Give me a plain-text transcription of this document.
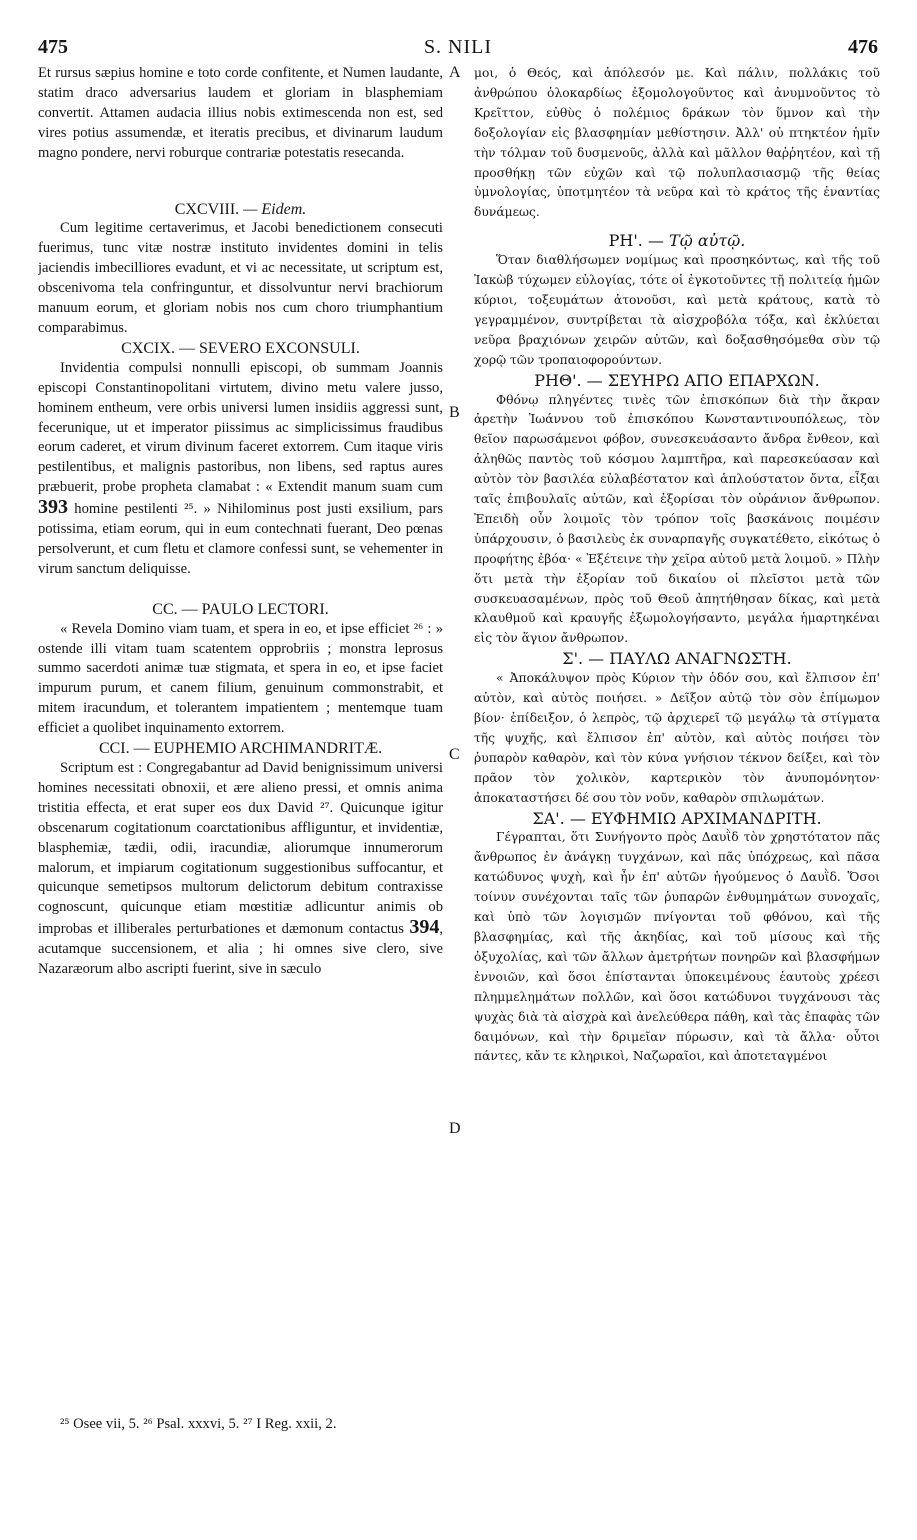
475	S. NILI	476

Et rursus sæpius homine e toto corde confitente, et Numen laudante, statim draco adversarius laudem et gloriam in blasphemiam convertit. Attamen audacia illius nobis extimescenda non est, sed vires potius assumendæ, et iteratis precibus, et divinarum laudum magno pondere, nervi roburque contrariæ potestatis resecanda.

CXCVIII. — Eidem.

Cum legitime certaverimus, et Jacobi benedictionem consecuti fuerimus, tunc vitæ nostræ instituto invidentes domini in telis jaciendis imbecilliores evadunt, et vi ac necessitate, ut scriptum est, obscenivoma tela confringuntur, et dissolvuntur nervi brachiorum manuum eorum, et gloriam nobis nos cum choro triumphantium comparabimus.

CXCIX. — SEVERO EXCONSULI.

Invidentia compulsi nonnulli episcopi, ob summam Joannis episcopi Constantinopolitani virtutem, divino metu valere jusso, hominem entheum, vere orbis universi lumen insidiis aggressi sunt, fecerunique, ut et imperator piissimus ac simplicissimus fraudibus eorum caderet, et virum divinum faceret extorrem. Cum itaque viris pestilentibus, et malignis pastoribus, non libens, sed raptus aures præbuerit, probe propheta clamabat : « Extendit manum suam cum 393 homine pestilenti ²⁵. » Nihilominus post justi exsilium, pars potissima, etiam eorum, qui in eum contechnati fuerant, Deo pœnas persolverunt, et cum fletu et clamore confessi sunt, se vehementer in virum sanctum deliquisse.

CC. — PAULO LECTORI.

« Revela Domino viam tuam, et spera in eo, et ipse efficiet ²⁶ : » ostende illi vitam tuam scatentem opprobriis ; monstra leprosus summo sacerdoti animæ tuæ stigmata, et spera in eo, et ipse faciet impurum purum, et canem filium, genuinum commonstrabit, et mitem iracundum, et tolerantem impatientem ; mentemque tuam efficiet a quolibet inquinamento extorrem.

CCI. — EUPHEMIO ARCHIMANDRITÆ.

Scriptum est : Congregabantur ad David benignissimum universi homines necessitati obnoxii, et ære alieno pressi, et omnis anima tristitia effecta, et erat super eos dux David ²⁷. Quicunque igitur obscenarum cogitationum coarctationibus affliguntur, et invidentiæ, blasphemiæ, tædii, odii, iracundiæ, aliorumque innumerorum malorum, et impiarum cogitationum suggestionibus suffocantur, et quicunque semetipsos multorum delictorum debitum contraxisse cognoscunt, quicunque etiam mœstitiæ adlicuntur animis ob improbas et illiberales perturbationes et dæmonum contactus 394, acutamque succensionem, et alia ; hi omnes sive clero, sive Nazaræorum albo ascripti fuerint, sive in sæculo

A
B
C
D

μοι, ὁ Θεός, καὶ ἀπόλεσόν με. Καὶ πάλιν, πολλάκις τοῦ ἀνθρώπου ὁλοκαρδίως ἐξομολογοῦντος καὶ ἀνυμνοῦντος τὸ Κρεῖττον, εὐθὺς ὁ πολέμιος δράκων τὸν ὕμνον καὶ τὴν δοξολογίαν εἰς βλασφημίαν μεθίστησιν. Ἀλλ' οὐ πτηκτέον ἡμῖν τὴν τόλμαν τοῦ δυσμενοῦς, ἀλλὰ καὶ μᾶλλον θαῤῥητέον, καὶ τῇ προσθήκῃ τῶν εὐχῶν καὶ τῷ πολυπλασιασμῷ τῆς θείας ὑμνολογίας, ὑποτμητέον τὰ νεῦρα καὶ τὸ κράτος τῆς ἐναντίας δυνάμεως.

ΡΗ'. — Τῷ αὐτῷ.

Ὅταν διαθλήσωμεν νομίμως καὶ προσηκόντως, καὶ τῆς τοῦ Ἰακὼβ τύχωμεν εὐλογίας, τότε οἱ ἐγκοτοῦντες τῇ πολιτείᾳ ἡμῶν κύριοι, τοξευμάτων ἀτονοῦσι, καὶ μετὰ κράτους, κατὰ τὸ γεγραμμένον, συντρίβεται τὰ αἰσχροβόλα τόξα, καὶ ἐκλύεται νεῦρα βραχιόνων χειρῶν αὐτῶν, καὶ δοξασθησόμεθα σὺν τῷ χορῷ τῶν τροπαιοφορούντων.

ΡΗΘ'. — ΣΕΥΗΡΩ ΑΠΟ ΕΠΑΡΧΩΝ.

Φθόνῳ πληγέντες τινὲς τῶν ἐπισκόπων διὰ τὴν ἄκραν ἀρετὴν Ἰωάννου τοῦ ἐπισκόπου Κωνσταντινουπόλεως, τὸν θεῖον παρωσάμενοι φόβον, συνεσκευάσαντο ἄνδρα ἔνθεον, καὶ ἀληθῶς παντὸς τοῦ κόσμου λαμπτῆρα, καὶ παρεσκεύασαν καὶ αὐτὸν τὸν βασιλέα εὐλαβέστατον καὶ ἁπλούστατον ὄντα, εἶξαι ταῖς ἐπιβουλαῖς αὐτῶν, καὶ ἐξορίσαι τὸν οὐράνιον ἄνθρωπον. Ἐπειδὴ οὖν λοιμοῖς τὸν τρόπον τοῖς βασκάνοις ποιμέσιν ὑπάρχουσιν, ὁ βασιλεὺς ἐκ συναρπαγῆς συγκατέθετο, εἰκότως ὁ προφήτης ἐβόα· « Ἐξέτεινε τὴν χεῖρα αὐτοῦ μετὰ λοιμοῦ. » Πλὴν ὅτι μετὰ τὴν ἐξορίαν τοῦ δικαίου οἱ πλεῖστοι μετὰ τῶν συσκευασαμένων, πρὸς τοῦ Θεοῦ ἀπητήθησαν δίκας, καὶ μετὰ κλαυθμοῦ καὶ κραυγῆς ἐξωμολογήσαντο, μεγάλα ἡμαρτηκέναι εἰς τὸν ἅγιον ἄνθρωπον.

Σ'. — ΠΑΥΛΩ ΑΝΑΓΝΩΣΤΗ.

« Ἀποκάλυψον πρὸς Κύριον τὴν ὁδόν σου, καὶ ἔλπισον ἐπ' αὐτὸν, καὶ αὐτὸς ποιήσει. » Δεῖξον αὐτῷ τὸν σὸν ἐπίμωμον βίον· ἐπίδειξον, ὁ λεπρὸς, τῷ ἀρχιερεῖ τῷ μεγάλῳ τὰ στίγματα τῆς ψυχῆς, καὶ ἔλπισον ἐπ' αὐτὸν, καὶ αὐτὸς ποιήσει τὸν ῥυπαρὸν καθαρὸν, καὶ τὸν κύνα γνήσιον τέκνον δείξει, καὶ τὸν πρᾶον τὸν χολικὸν, καρτερικὸν τὸν ἀνυπομόνητον· ἀποκαταστήσει δέ σου τὸν νοῦν, καθαρὸν σπιλωμάτων.

ΣΑ'. — ΕΥΦΗΜΙΩ ΑΡΧΙΜΑΝΔΡΙΤΗ.

Γέγραπται, ὅτι Συνήγοντο πρὸς Δαυῒδ τὸν χρηστότατον πᾶς ἄνθρωπος ἐν ἀνάγκῃ τυγχάνων, καὶ πᾶς ὑπόχρεως, καὶ πᾶσα κατώδυνος ψυχὴ, καὶ ἦν ἐπ' αὐτῶν ἡγούμενος ὁ Δαυῒδ. Ὅσοι τοίνυν συνέχονται ταῖς τῶν ῥυπαρῶν ἐνθυμημάτων συνοχαῖς, καὶ ὑπὸ τῶν λογισμῶν πνίγονται τοῦ φθόνου, καὶ τῆς βλασφημίας, καὶ τῆς ἀκηδίας, καὶ τοῦ μίσους καὶ τῆς ὀξυχολίας, καὶ τῶν ἄλλων ἀμετρήτων πονηρῶν καὶ βλασφήμων ἐννοιῶν, καὶ ὅσοι ἐπίστανται ὑποκειμένους ἑαυτοὺς χρέεσι πλημμελημάτων πολλῶν, καὶ ὅσοι κατώδυνοι τυγχάνουσι τὰς ψυχὰς διὰ τὰ αἰσχρὰ καὶ ἀνελεύθερα πάθη, καὶ τὰς ἐπαφὰς τῶν δαιμόνων, καὶ τὴν δριμεῖαν πύρωσιν, καὶ τὰ ἄλλα· οὗτοι πάντες, κἄν τε κληρικοὶ, Ναζωραῖοι, καὶ ἀποτεταγμένοι

²⁵ Osee vii, 5. ²⁶ Psal. xxxvi, 5. ²⁷ I Reg. xxii, 2.
